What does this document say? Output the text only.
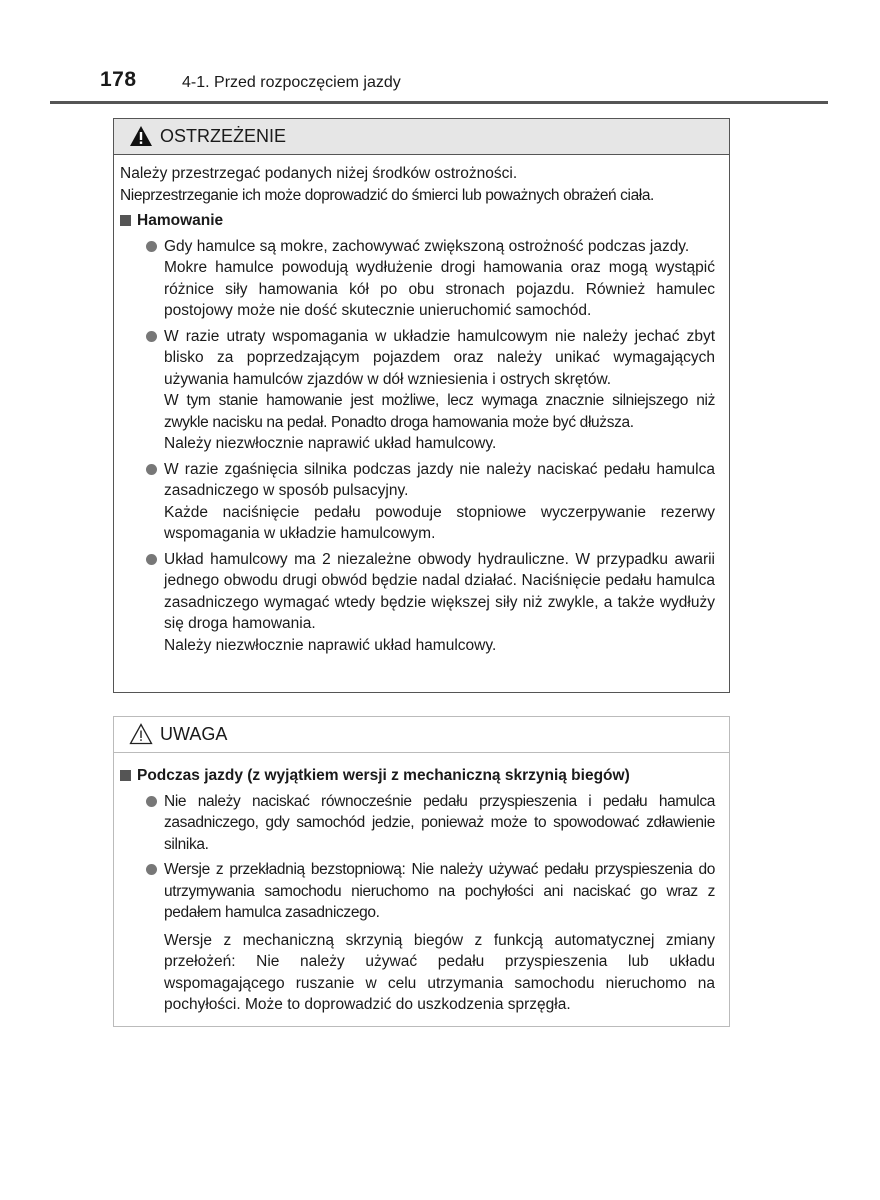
178	4-1. Przed rozpoczęciem jazdy
OSTRZEŻENIE

Należy przestrzegać podanych niżej środków ostrożności.

Nieprzestrzeganie ich może doprowadzić do śmierci lub poważnych obrażeń ciała.

Hamowanie

Gdy hamulce są mokre, zachowywać zwiększoną ostrożność podczas jazdy.

Mokre hamulce powodują wydłużenie drogi hamowania oraz mogą wystąpić różnice siły hamowania kół po obu stronach pojazdu. Również hamulec postojowy może nie dość skutecznie unieruchomić samochód.

W razie utraty wspomagania w układzie hamulcowym nie należy jechać zbyt blisko za poprzedzającym pojazdem oraz należy unikać wymagających używania hamulców zjazdów w dół wzniesienia i ostrych skrętów.

W tym stanie hamowanie jest możliwe, lecz wymaga znacznie silniejszego niż zwykle nacisku na pedał. Ponadto droga hamowania może być dłuższa.

Należy niezwłocznie naprawić układ hamulcowy.

W razie zgaśnięcia silnika podczas jazdy nie należy naciskać pedału hamulca zasadniczego w sposób pulsacyjny.

Każde naciśnięcie pedału powoduje stopniowe wyczerpywanie rezerwy wspomagania w układzie hamulcowym.

Układ hamulcowy ma 2 niezależne obwody hydrauliczne. W przypadku awarii jednego obwodu drugi obwód będzie nadal działać. Naciśnięcie pedału hamulca zasadniczego wymagać wtedy będzie większej siły niż zwykle, a także wydłuży się droga hamowania.

Należy niezwłocznie naprawić układ hamulcowy.

UWAGA
Podczas jazdy (z wyjątkiem wersji z mechaniczną skrzynią biegów)

Nie należy naciskać równocześnie pedału przyspieszenia i pedału hamulca zasadniczego, gdy samochód jedzie, ponieważ może to spowodować zdławienie silnika.

Wersje z przekładnią bezstopniową: Nie należy używać pedału przyspieszenia do utrzymywania samochodu nieruchomo na pochyłości ani naciskać go wraz z pedałem hamulca zasadniczego.

Wersje z mechaniczną skrzynią biegów z funkcją automatycznej zmiany przełożeń: Nie należy używać pedału przyspieszenia lub układu wspomagającego ruszanie w celu utrzymania samochodu nieruchomo na pochyłości. Może to doprowadzić do uszkodzenia sprzęgła.
